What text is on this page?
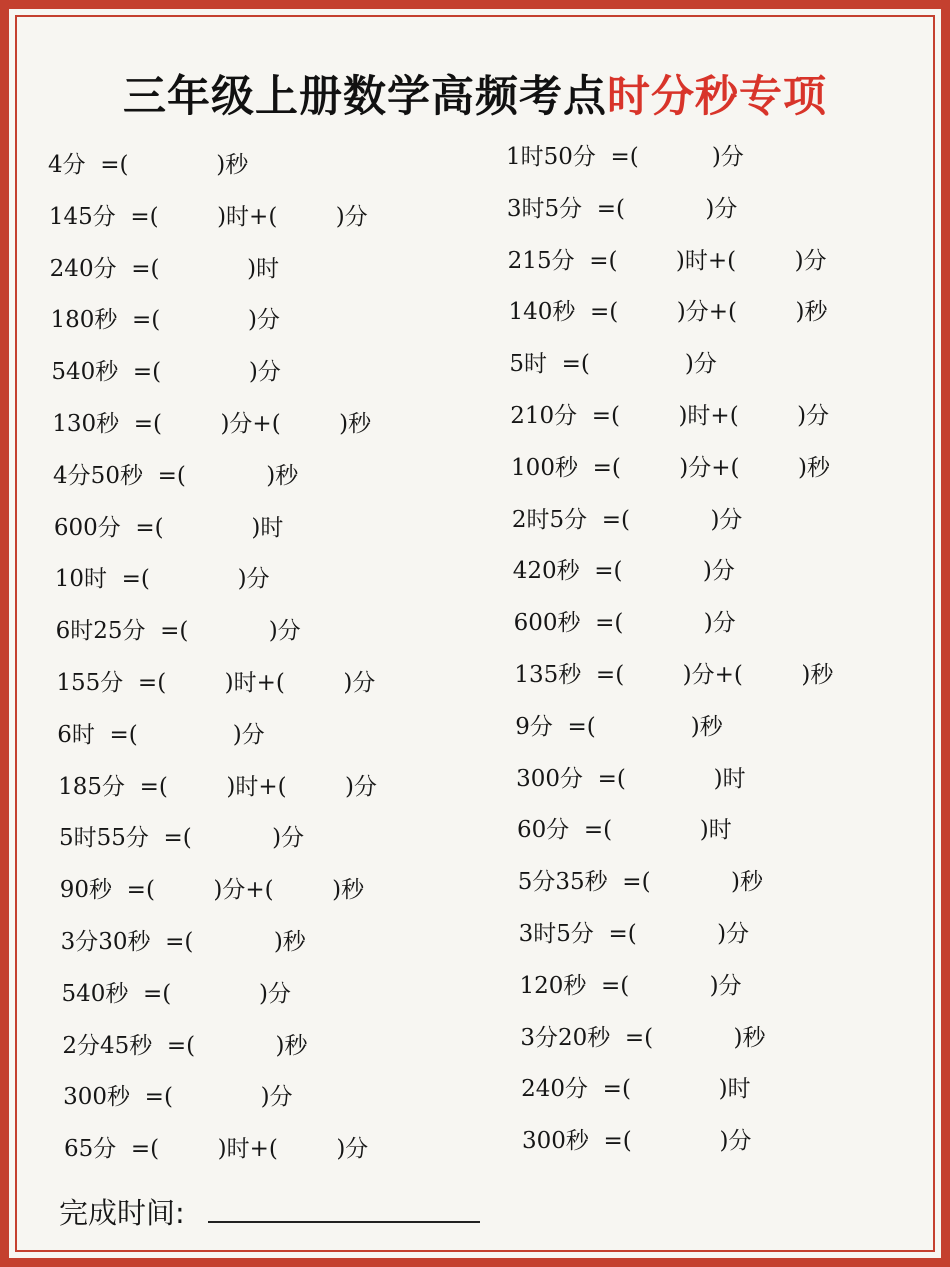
三年级上册数学高频考点时分秒专项
4分  =(            )秒
145分  =(        )时+(        )分
240分  =(            )时
180秒  =(            )分
540秒  =(            )分
130秒  =(        )分+(        )秒
4分50秒  =(           )秒
600分  =(            )时
10时  =(            )分
6时25分  =(           )分
155分  =(        )时+(        )分
6时  =(             )分
185分  =(        )时+(        )分
5时55分  =(           )分
90秒  =(        )分+(        )秒
3分30秒  =(           )秒
540秒  =(            )分
2分45秒  =(           )秒
300秒  =(            )分
65分  =(        )时+(        )分
1时50分  =(          )分
3时5分  =(           )分
215分  =(        )时+(        )分
140秒  =(        )分+(        )秒
5时  =(             )分
210分  =(        )时+(        )分
100秒  =(        )分+(        )秒
2时5分  =(           )分
420秒  =(           )分
600秒  =(           )分
135秒  =(        )分+(        )秒
9分  =(             )秒
300分  =(            )时
60分  =(            )时
5分35秒  =(           )秒
3时5分  =(           )分
120秒  =(           )分
3分20秒  =(           )秒
240分  =(            )时
300秒  =(            )分
完成时间:
